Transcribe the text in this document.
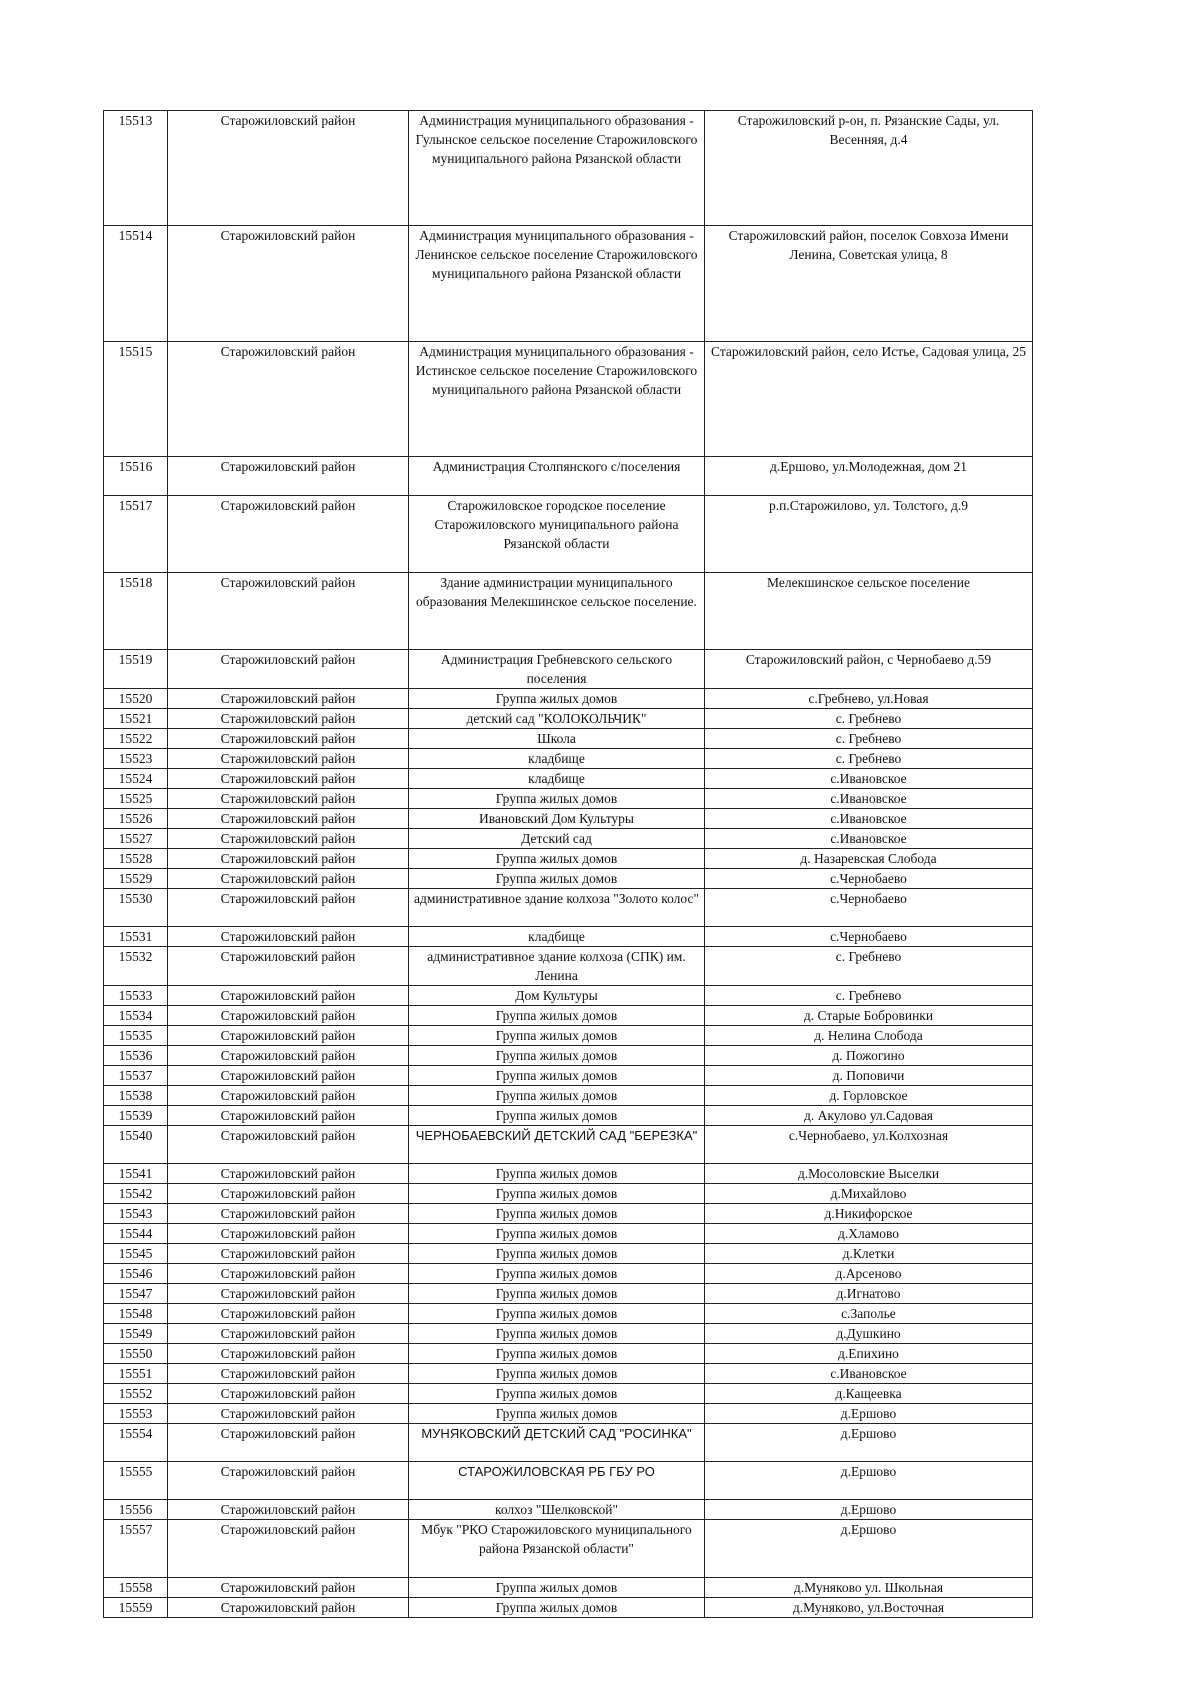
15513	Старожиловский район	Администрация муниципального образования - Гулынское сельское поселение Старожиловского муниципального района Рязанской области	Старожиловский р-он, п. Рязанские Сады, ул. Весенняя, д.4
15514	Старожиловский район	Администрация муниципального образования - Ленинское сельское поселение Старожиловского муниципального района Рязанской области	Старожиловский район, поселок Совхоза Имени Ленина, Советская улица, 8
15515	Старожиловский район	Администрация муниципального образования - Истинское сельское поселение Старожиловского муниципального района Рязанской области	Старожиловский район, село Истье, Садовая улица, 25
15516	Старожиловский район	Администрация Столпянского с/поселения	д.Ершово, ул.Молодежная, дом 21
15517	Старожиловский район	Старожиловское городское поселение Старожиловского муниципального района Рязанской области	р.п.Старожилово, ул. Толстого, д.9
15518	Старожиловский район	Здание администрации муниципального образования Мелекшинское сельское поселение.	Мелекшинское сельское поселение
15519	Старожиловский район	Администрация Гребневского сельского поселения	Старожиловский район, с Чернобаево д.59
15520	Старожиловский район	Группа жилых домов	с.Гребнево, ул.Новая
15521	Старожиловский район	детский сад "КОЛОКОЛЬЧИК"	с. Гребнево
15522	Старожиловский район	Школа	с. Гребнево
15523	Старожиловский район	кладбище	с. Гребнево
15524	Старожиловский район	кладбище	с.Ивановское
15525	Старожиловский район	Группа жилых домов	с.Ивановское
15526	Старожиловский район	Ивановский Дом Культуры	с.Ивановское
15527	Старожиловский район	Детский сад	с.Ивановское
15528	Старожиловский район	Группа жилых домов	д. Назаревская Слобода
15529	Старожиловский район	Группа жилых домов	с.Чернобаево
15530	Старожиловский район	административное здание колхоза "Золото колос"	с.Чернобаево
15531	Старожиловский район	кладбище	с.Чернобаево
15532	Старожиловский район	административное здание колхоза (СПК) им. Ленина	с. Гребнево
15533	Старожиловский район	Дом Культуры	с. Гребнево
15534	Старожиловский район	Группа жилых домов	д. Старые Бобровинки
15535	Старожиловский район	Группа жилых домов	д. Нелина Слобода
15536	Старожиловский район	Группа жилых домов	д. Пожогино
15537	Старожиловский район	Группа жилых домов	д. Поповичи
15538	Старожиловский район	Группа жилых домов	д. Горловское
15539	Старожиловский район	Группа жилых домов	д. Акулово ул.Садовая
15540	Старожиловский район	ЧЕРНОБАЕВСКИЙ ДЕТСКИЙ САД "БЕРЕЗКА"	с.Чернобаево, ул.Колхозная
15541	Старожиловский район	Группа жилых домов	д.Мосоловские Выселки
15542	Старожиловский район	Группа жилых домов	д.Михайлово
15543	Старожиловский район	Группа жилых домов	д.Никифорское
15544	Старожиловский район	Группа жилых домов	д.Хламово
15545	Старожиловский район	Группа жилых домов	д.Клетки
15546	Старожиловский район	Группа жилых домов	д.Арсеново
15547	Старожиловский район	Группа жилых домов	д.Игнатово
15548	Старожиловский район	Группа жилых домов	с.Заполье
15549	Старожиловский район	Группа жилых домов	д.Душкино
15550	Старожиловский район	Группа жилых домов	д.Епихино
15551	Старожиловский район	Группа жилых домов	с.Ивановское
15552	Старожиловский район	Группа жилых домов	д.Кащеевка
15553	Старожиловский район	Группа жилых домов	д.Ершово
15554	Старожиловский район	МУНЯКОВСКИЙ ДЕТСКИЙ САД "РОСИНКА"	д.Ершово
15555	Старожиловский район	СТАРОЖИЛОВСКАЯ РБ ГБУ РО	д.Ершово
15556	Старожиловский район	колхоз "Шелковской"	д.Ершово
15557	Старожиловский район	Мбук "РКО Старожиловского муниципального района Рязанской области"	д.Ершово
15558	Старожиловский район	Группа жилых домов	д.Муняково ул. Школьная
15559	Старожиловский район	Группа жилых домов	д.Муняково, ул.Восточная
